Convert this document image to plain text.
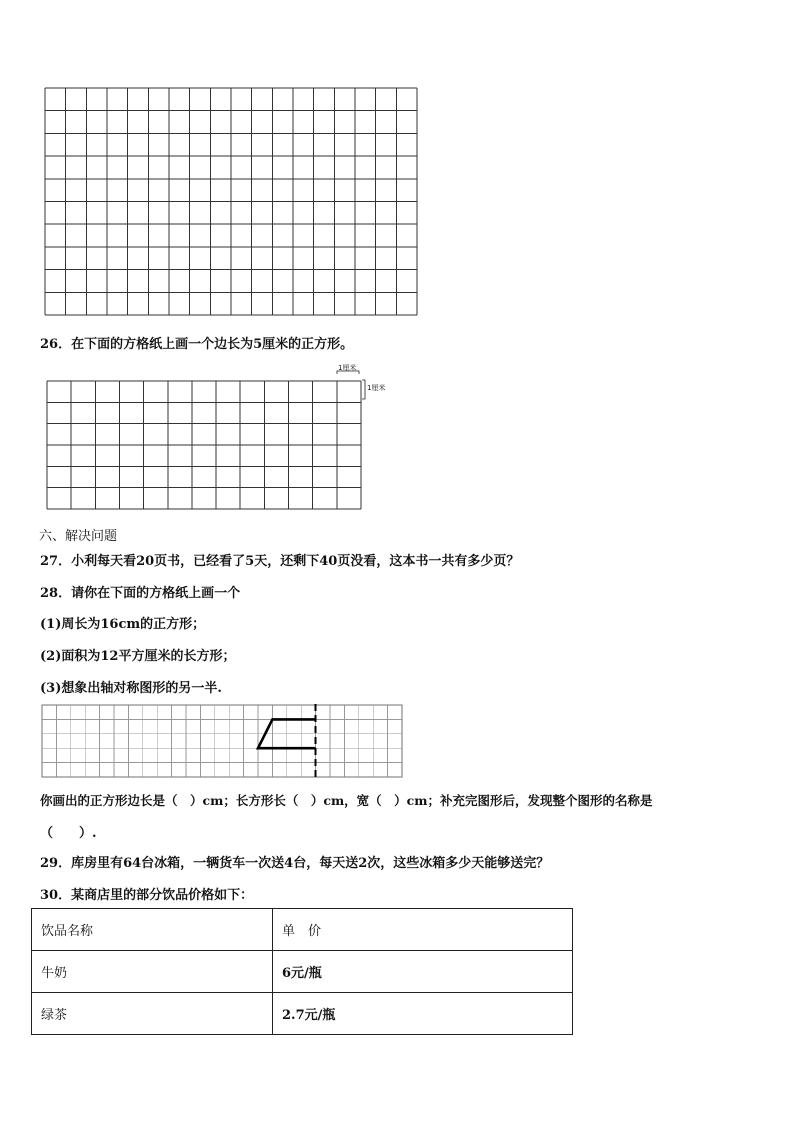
26．在下面的方格纸上画一个边长为5厘米的正方形。
1厘米
1厘米
六、解决问题
27．小利每天看20页书，已经看了5天，还剩下40页没看，这本书一共有多少页？
28．请你在下面的方格纸上画一个
(1)周长为16cm的正方形；
(2)面积为12平方厘米的长方形；
(3)想象出轴对称图形的另一半.
你画出的正方形边长是（　）cm；长方形长（　）cm，宽（　）cm；补充完图形后，发现整个图形的名称是
（　　）.
29．库房里有64台冰箱，一辆货车一次送4台，每天送2次，这些冰箱多少天能够送完？
30．某商店里的部分饮品价格如下：
饮品名称	单　价
牛奶	6元/瓶
绿茶	2.7元/瓶
